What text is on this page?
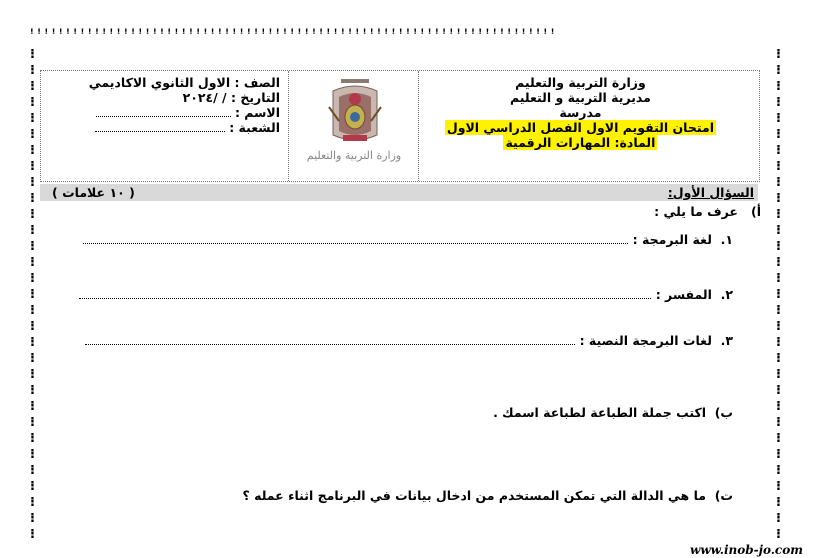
ꜝꜝꜝꜝꜝꜝꜝꜝꜝꜝꜝꜝꜝꜝꜝꜝꜝꜝꜝꜝꜝꜝꜝꜝꜝꜝꜝꜝꜝꜝꜝꜝꜝꜝꜝꜝꜝꜝꜝꜝꜝꜝꜝꜝꜝꜝꜝꜝꜝꜝꜝꜝꜝꜝꜝꜝꜝꜝꜝꜝꜝꜝꜝꜝꜝꜝꜝꜝꜝꜝꜝꜝꜝ
⁝
⁝
⁝
⁝
⁝
⁝
⁝
⁝
⁝
⁝
⁝
⁝
⁝
⁝
⁝
⁝
⁝
⁝
⁝
⁝
⁝
⁝
⁝
⁝
⁝
⁝
⁝
⁝
⁝
⁝
⁝
⁝
⁝
⁝
⁝
⁝
⁝
⁝
⁝
⁝
⁝
⁝
⁝
⁝
⁝
⁝
⁝
⁝
⁝
⁝
⁝
⁝
⁝
⁝
⁝
⁝
⁝
⁝
⁝
⁝
⁝
⁝

الصف : الاول الثانوي الاكاديمي

التاريخ : / /٢٠٢٤

الاسم :

الشعبة :

وزارة التربية والتعليم

وزارة التربية والتعليم

مديرية التربية و التعليم

مدرسة

امتحان التقويم الاول الفصل الدراسي الاول

المادة: المهارات الرقمية

السؤال الأول:
( ١٠ علامات )
أ)   عرف ما يلي :
١.  لغة البرمجة :
٢.  المفسر :
٣.  لغات البرمجة النصية :
ب)  اكتب جملة الطباعة لطباعة اسمك .
ت)  ما هي الدالة التي تمكن المستخدم من ادخال بيانات في البرنامج اثناء عمله ؟
www.inob-jo.com
